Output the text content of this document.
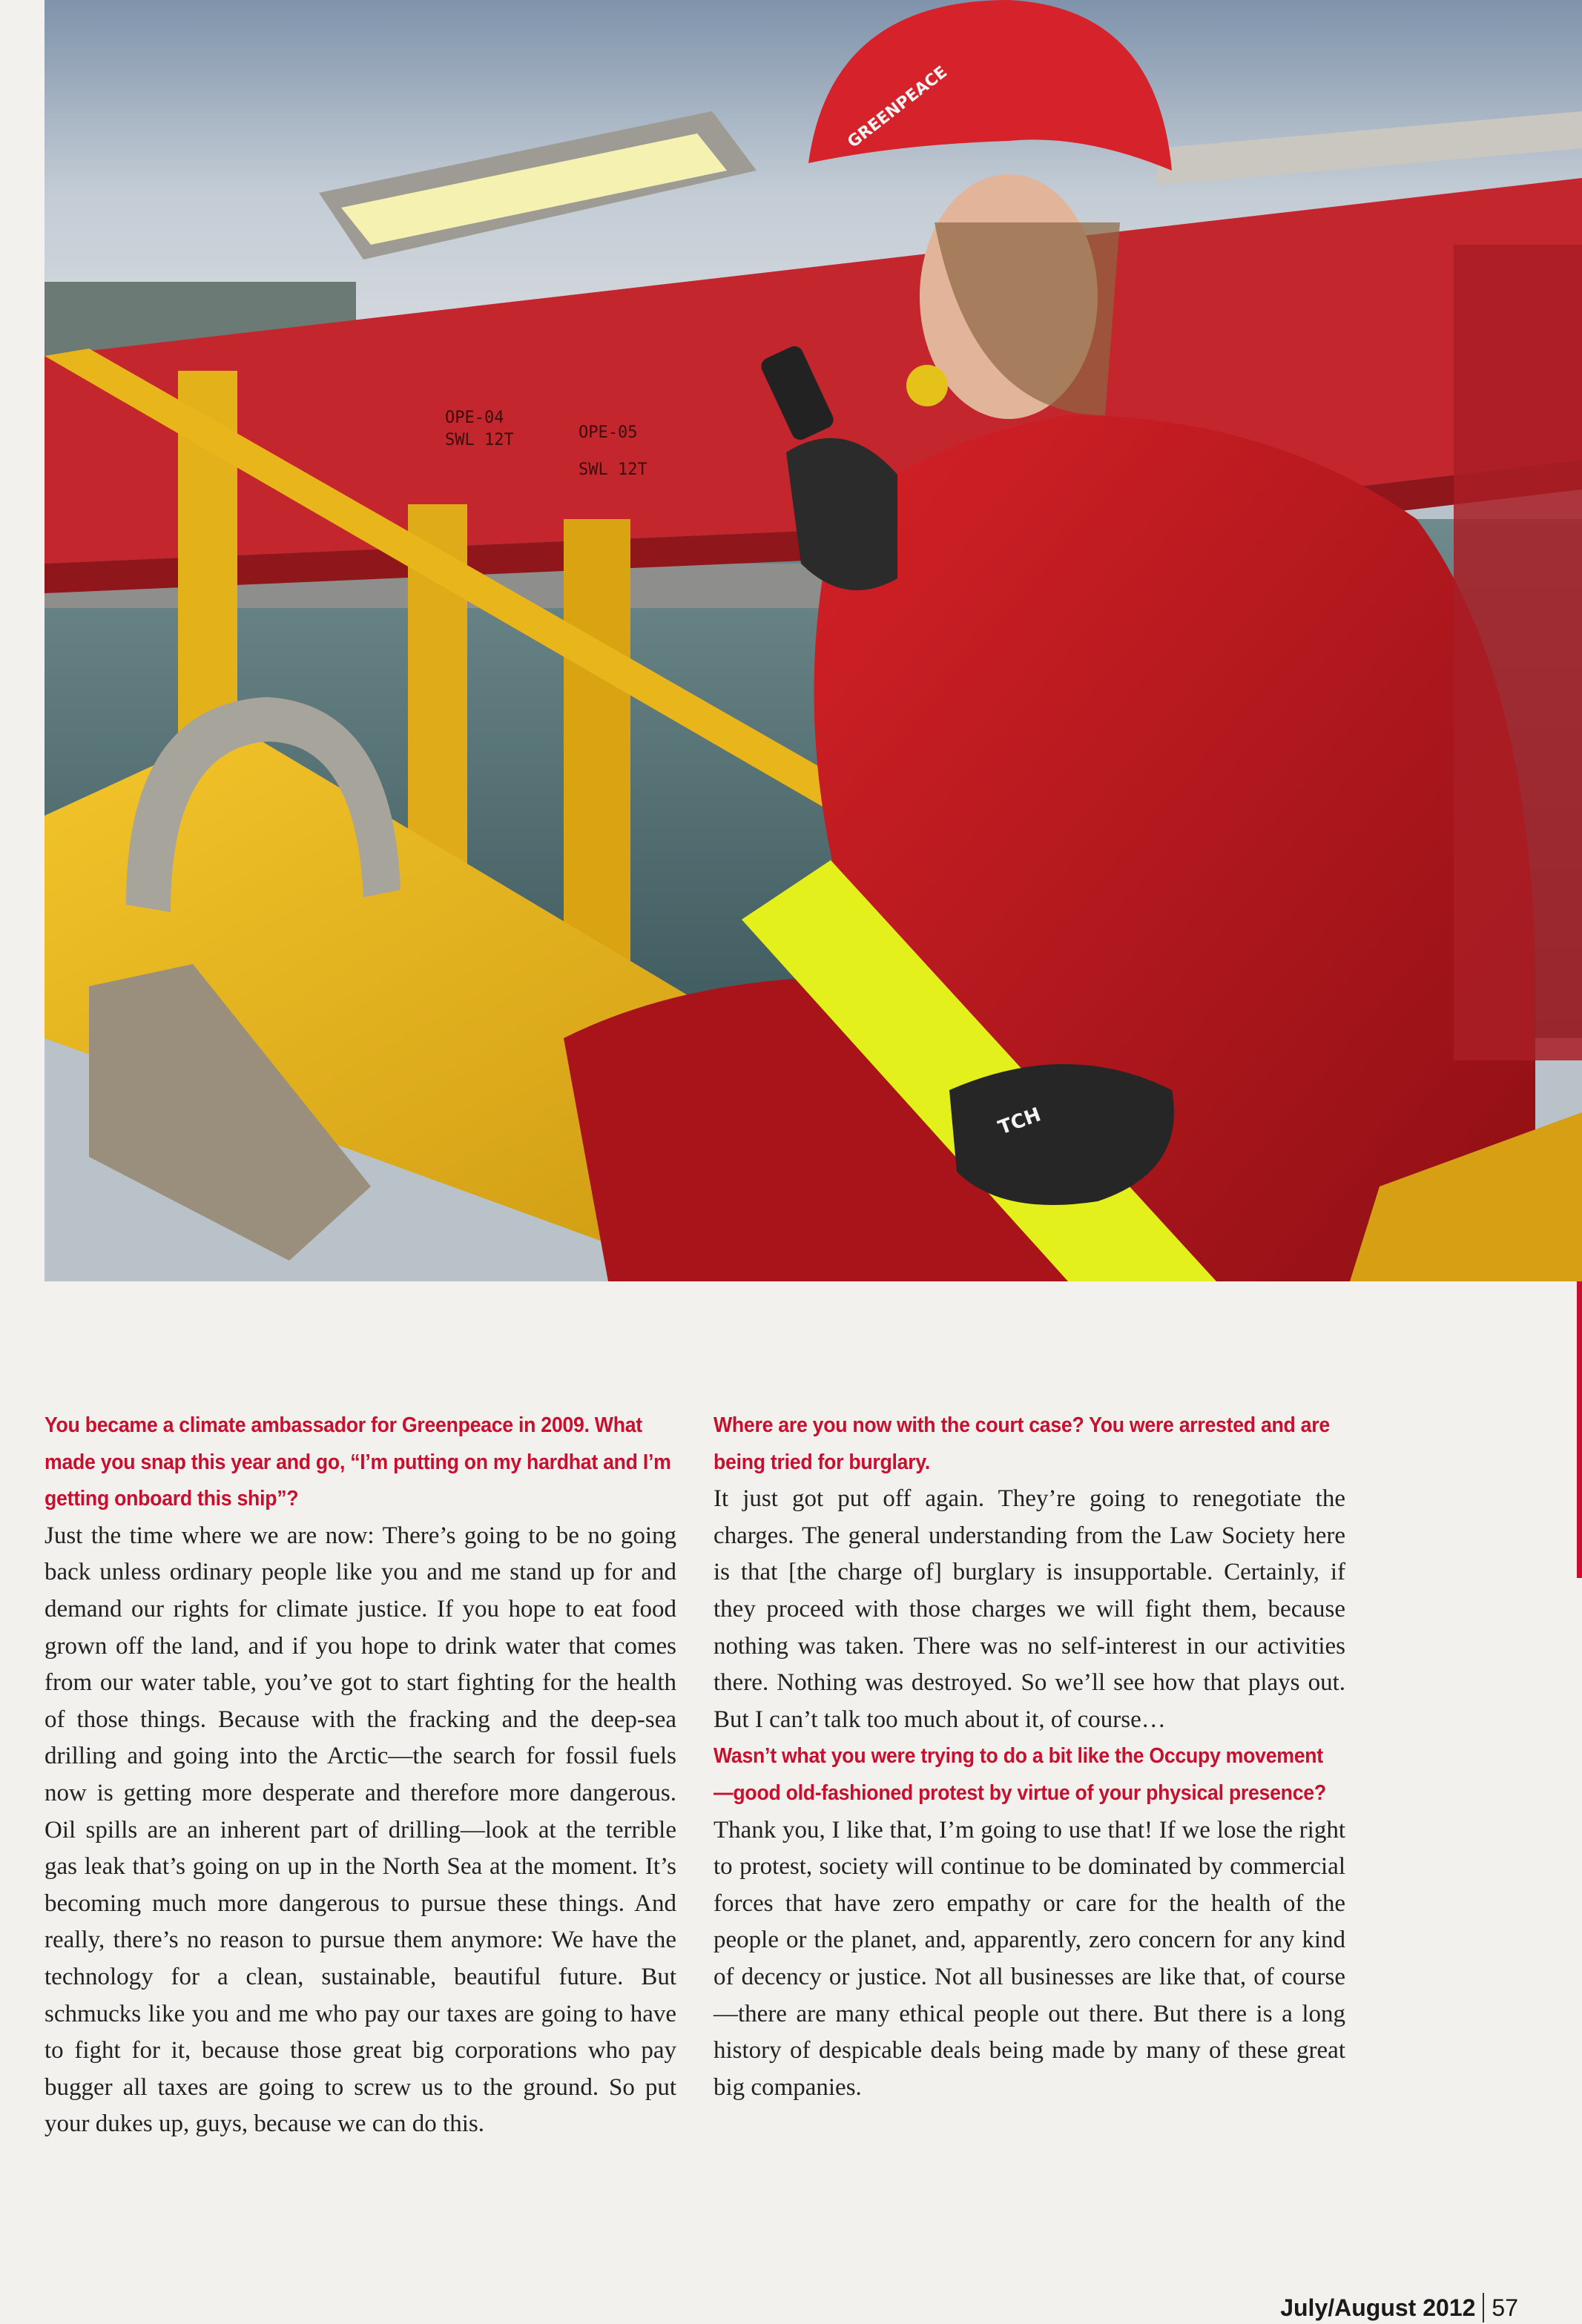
OPE-04
SWL 12T	OPE-05
SWL 12T
GREENPEACE
TCH
You became a climate ambassador for Greenpeace in 2009. What made you snap this year and go, “I’m putting on my hardhat and I’m getting onboard this ship”?

Just the time where we are now: There’s going to be no going back unless ordinary people like you and me stand up for and demand our rights for climate justice. If you hope to eat food grown off the land, and if you hope to drink water that comes from our water table, you’ve got to start fighting for the health of those things. Because with the fracking and the deep-sea drilling and going into the Arctic—the search for fossil fuels now is getting more desperate and therefore more dangerous. Oil spills are an inherent part of drilling—look at the terrible gas leak that’s going on up in the North Sea at the moment. It’s becoming much more dangerous to pursue these things. And really, there’s no reason to pursue them anymore: We have the technology for a clean, sustainable, beautiful future. But schmucks like you and me who pay our taxes are going to have to fight for it, because those great big corporations who pay bugger all taxes are going to screw us to the ground. So put your dukes up, guys, because we can do this.

Where are you now with the court case? You were arrested and are being tried for burglary.

It just got put off again. They’re going to renegotiate the charges. The general understanding from the Law Society here is that [the charge of] burglary is insupportable. Certainly, if they proceed with those charges we will fight them, because nothing was taken. There was no self-interest in our activities there. Nothing was destroyed. So we’ll see how that plays out. But I can’t talk too much about it, of course…

Wasn’t what you were trying to do a bit like the Occupy movement—good old-fashioned protest by virtue of your physical presence?

Thank you, I like that, I’m going to use that! If we lose the right to protest, society will continue to be dominated by commercial forces that have zero empathy or care for the health of the people or the planet, and, apparently, zero concern for any kind of decency or justice. Not all businesses are like that, of course—there are many ethical people out there. But there is a long history of despicable deals being made by many of these great big companies.

July/August 2012 57
